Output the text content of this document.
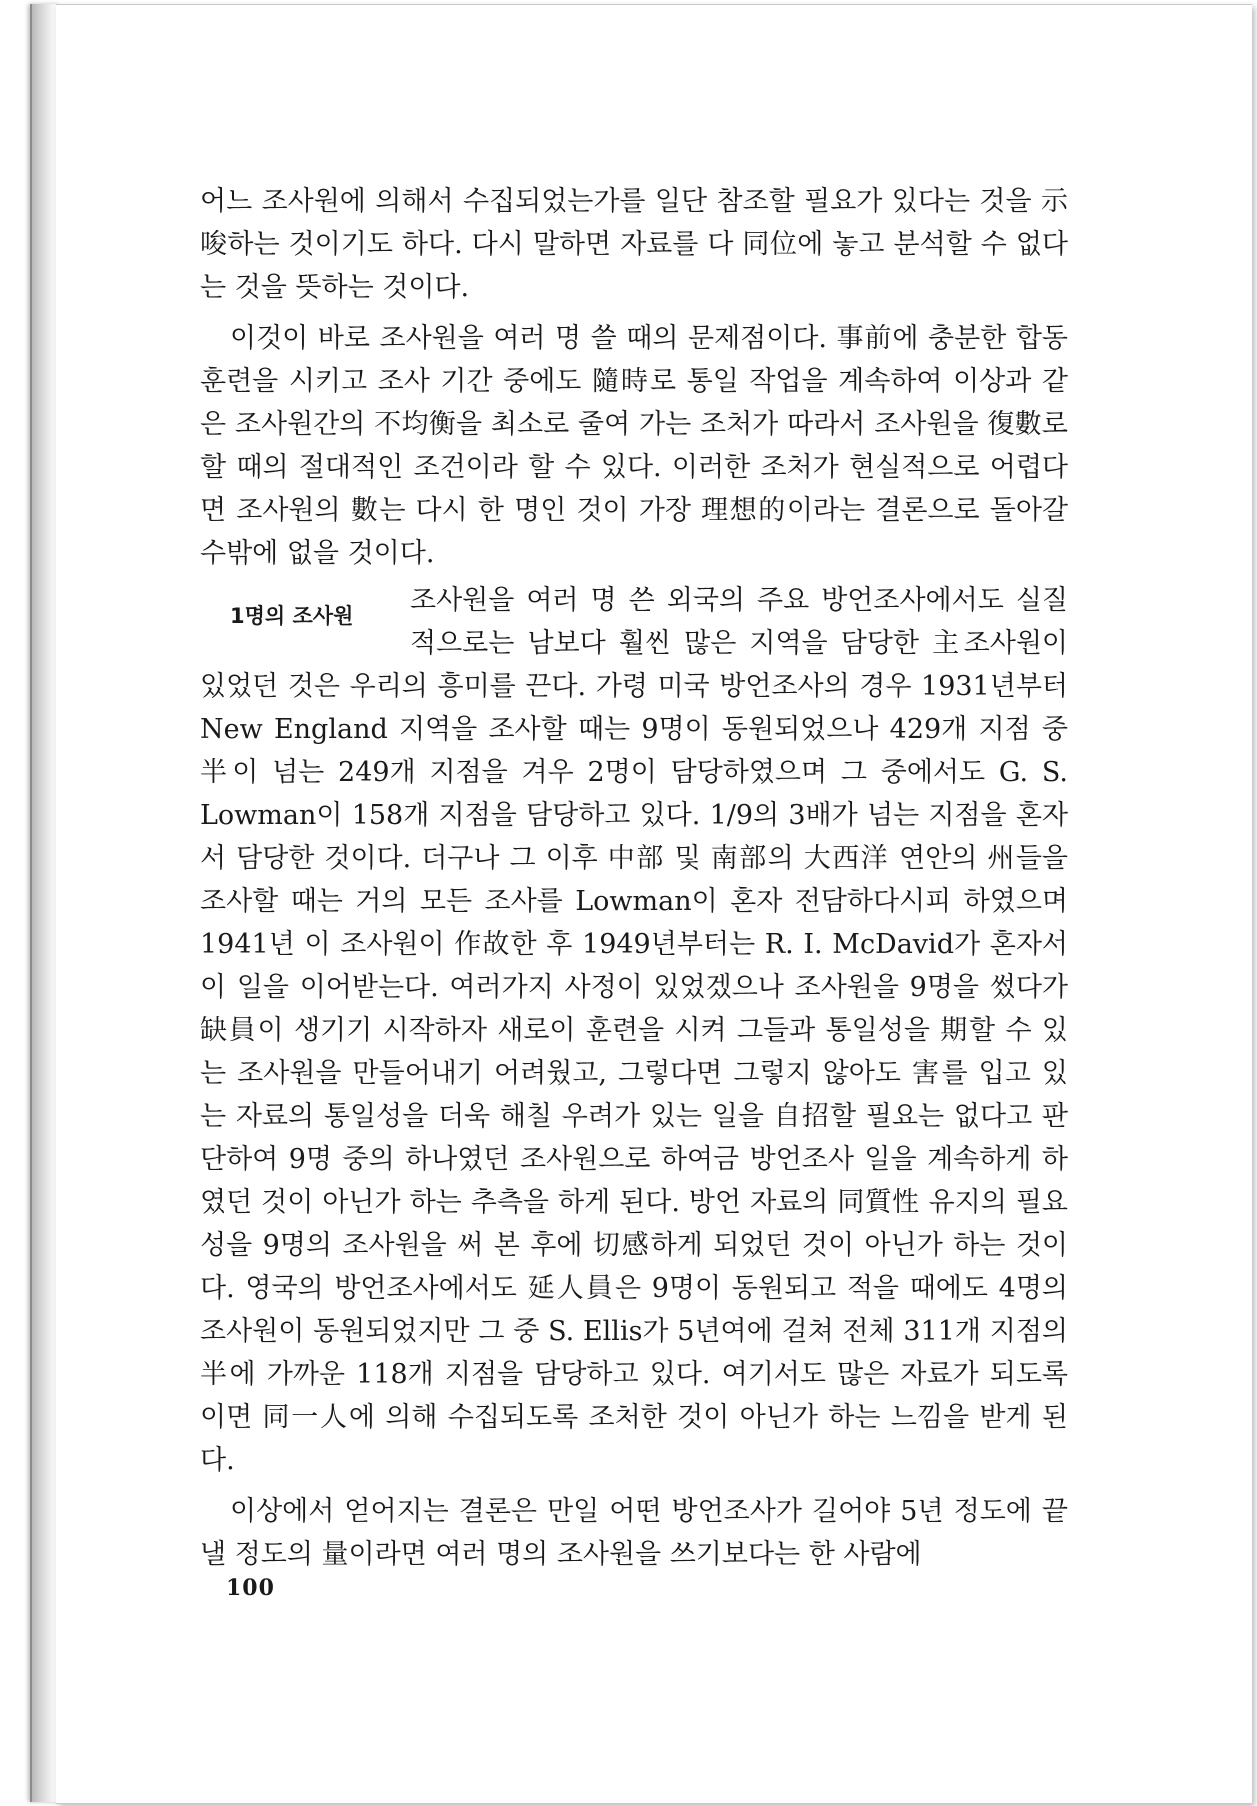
어느 조사원에 의해서 수집되었는가를 일단 참조할 필요가 있다는 것을 示唆하는 것이기도 하다. 다시 말하면 자료를 다 同位에 놓고 분석할 수 없다는 것을 뜻하는 것이다.

이것이 바로 조사원을 여러 명 쓸 때의 문제점이다. 事前에 충분한 합동훈련을 시키고 조사 기간 중에도 隨時로 통일 작업을 계속하여 이상과 같은 조사원간의 不均衡을 최소로 줄여 가는 조처가 따라서 조사원을 復數로 할 때의 절대적인 조건이라 할 수 있다. 이러한 조처가 현실적으로 어렵다면 조사원의 數는 다시 한 명인 것이 가장 理想的이라는 결론으로 돌아갈 수밖에 없을 것이다.

1명의 조사원	조사원을 여러 명 쓴 외국의 주요 방언조사에서도 실질적으로는 남보다 훨씬 많은 지역을 담당한 主조사원이 있었던 것은 우리의 흥미를 끈다. 가령 미국 방언조사의 경우 1931년부터 New England 지역을 조사할 때는 9명이 동원되었으나 429개 지점 중 半이 넘는 249개 지점을 겨우 2명이 담당하였으며 그 중에서도 G. S. Lowman이 158개 지점을 담당하고 있다. 1/9의 3배가 넘는 지점을 혼자서 담당한 것이다. 더구나 그 이후 中部 및 南部의 大西洋 연안의 州들을 조사할 때는 거의 모든 조사를 Lowman이 혼자 전담하다시피 하였으며 1941년 이 조사원이 作故한 후 1949년부터는 R. I. McDavid가 혼자서 이 일을 이어받는다. 여러가지 사정이 있었겠으나 조사원을 9명을 썼다가 缺員이 생기기 시작하자 새로이 훈련을 시켜 그들과 통일성을 期할 수 있는 조사원을 만들어내기 어려웠고, 그렇다면 그렇지 않아도 害를 입고 있는 자료의 통일성을 더욱 해칠 우려가 있는 일을 自招할 필요는 없다고 판단하여 9명 중의 하나였던 조사원으로 하여금 방언조사 일을 계속하게 하였던 것이 아닌가 하는 추측을 하게 된다. 방언 자료의 同質性 유지의 필요성을 9명의 조사원을 써 본 후에 切感하게 되었던 것이 아닌가 하는 것이다. 영국의 방언조사에서도 延人員은 9명이 동원되고 적을 때에도 4명의 조사원이 동원되었지만 그 중 S. Ellis가 5년여에 걸쳐 전체 311개 지점의 半에 가까운 118개 지점을 담당하고 있다. 여기서도 많은 자료가 되도록이면 同一人에 의해 수집되도록 조처한 것이 아닌가 하는 느낌을 받게 된다.

이상에서 얻어지는 결론은 만일 어떤 방언조사가 길어야 5년 정도에 끝낼 정도의 量이라면 여러 명의 조사원을 쓰기보다는 한 사람에

100
